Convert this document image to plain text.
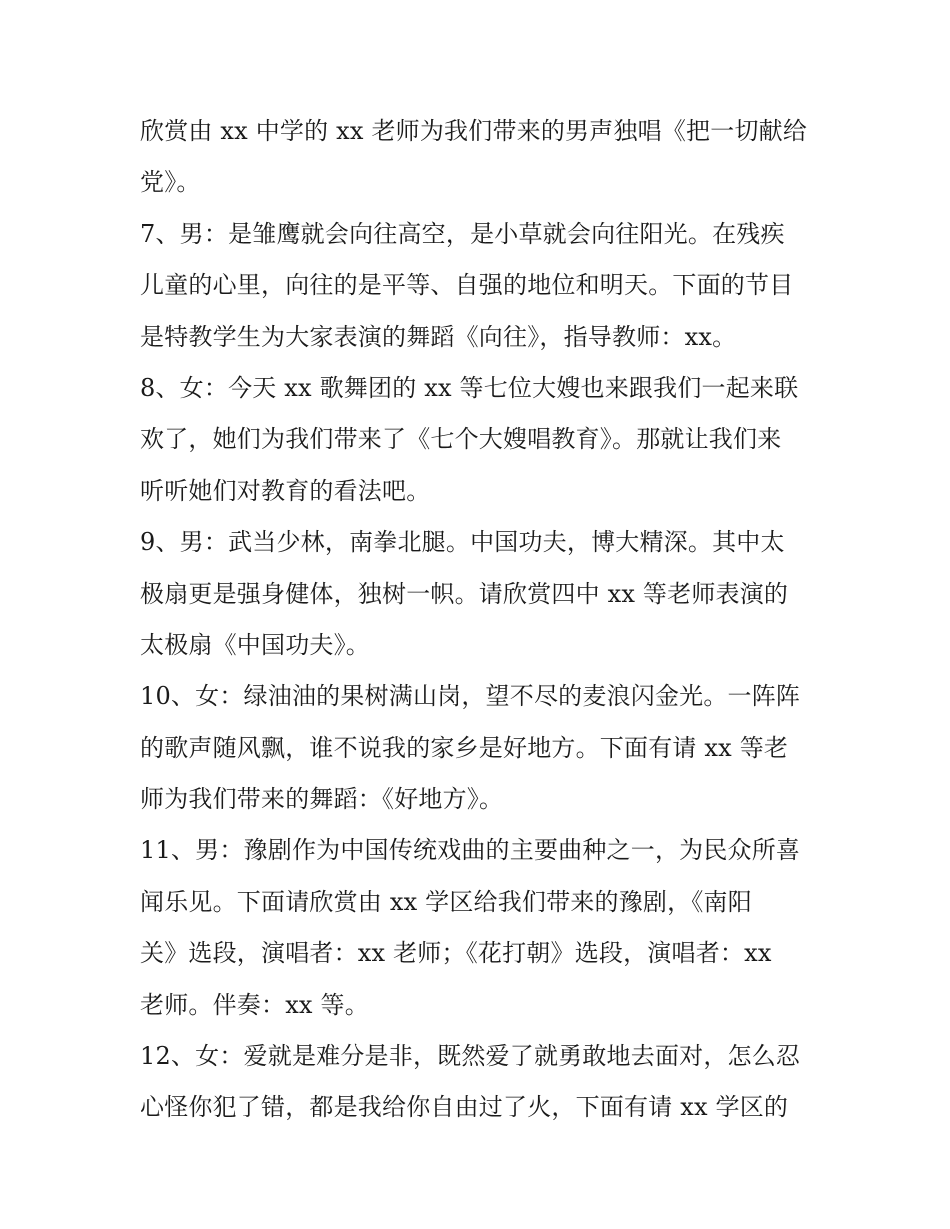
欣赏由 xx 中学的 xx 老师为我们带来的男声独唱《把一切献给
党》。
7、男：是雏鹰就会向往高空，是小草就会向往阳光。在残疾
儿童的心里，向往的是平等、自强的地位和明天。下面的节目
是特教学生为大家表演的舞蹈《向往》，指导教师：xx。
8、女：今天 xx 歌舞团的 xx 等七位大嫂也来跟我们一起来联
欢了，她们为我们带来了《七个大嫂唱教育》。那就让我们来
听听她们对教育的看法吧。
9、男：武当少林，南拳北腿。中国功夫，博大精深。其中太
极扇更是强身健体，独树一帜。请欣赏四中 xx 等老师表演的
太极扇《中国功夫》。
10、女：绿油油的果树满山岗，望不尽的麦浪闪金光。一阵阵
的歌声随风飘，谁不说我的家乡是好地方。下面有请 xx 等老
师为我们带来的舞蹈：《好地方》。
11、男：豫剧作为中国传统戏曲的主要曲种之一，为民众所喜
闻乐见。下面请欣赏由 xx 学区给我们带来的豫剧，《南阳
关》选段，演唱者：xx 老师；《花打朝》选段，演唱者：xx
老师。伴奏：xx 等。
12、女：爱就是难分是非，既然爱了就勇敢地去面对，怎么忍
心怪你犯了错，都是我给你自由过了火，下面有请 xx 学区的
